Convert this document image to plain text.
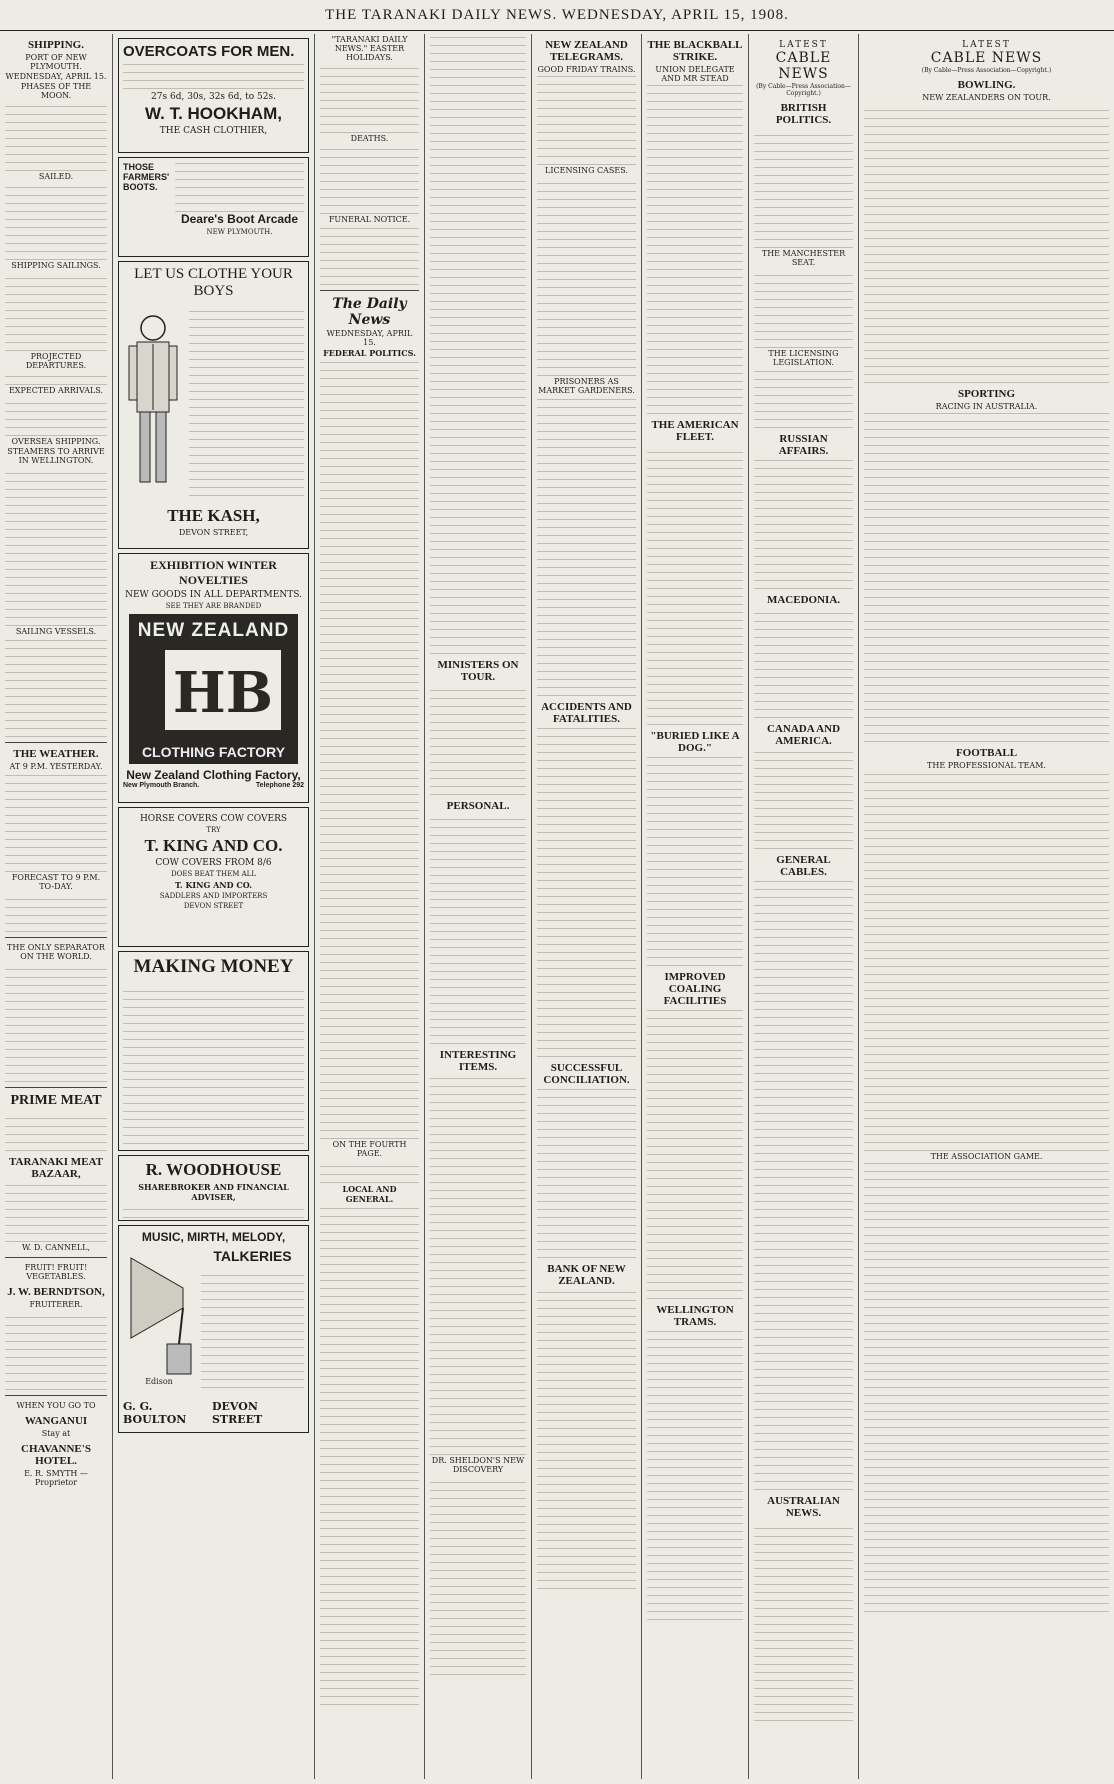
THE TARANAKI DAILY NEWS. WEDNESDAY, APRIL 15, 1908.
SHIPPING.
PORT OF NEW PLYMOUTH.
WEDNESDAY, APRIL 15.
PHASES OF THE MOON.
SAILED.
SHIPPING SAILINGS.
PROJECTED DEPARTURES.
EXPECTED ARRIVALS.
OVERSEA SHIPPING.
STEAMERS TO ARRIVE IN WELLINGTON.
SAILING VESSELS.
THE WEATHER.
AT 9 P.M. YESTERDAY.
FORECAST TO 9 P.M. TO-DAY.
THE ONLY SEPARATOR ON THE WORLD.
PRIME MEAT
TARANAKI MEAT BAZAAR,
W. D. CANNELL,
FRUIT! FRUIT! VEGETABLES.
J. W. BERNDTSON,
FRUITERER.
WHEN YOU GO TO
WANGANUI
Stay at
CHAVANNE'S HOTEL.
E. R. SMYTH — Proprietor
OVERCOATS FOR MEN.
27s 6d, 30s, 32s 6d, to 52s.
W. T. HOOKHAM,
THE CASH CLOTHIER,
THOSE FARMERS' BOOTS.
Deare's Boot Arcade
NEW PLYMOUTH.
LET US CLOTHE YOUR BOYS
THE KASH,
DEVON STREET,
EXHIBITION WINTER NOVELTIES
NEW GOODS IN ALL DEPARTMENTS.
SEE THEY ARE BRANDED
NEW ZEALAND
HB
CLOTHING FACTORY
New Zealand Clothing Factory,
New Plymouth Branch.	Telephone 292
HORSE COVERS COW COVERS
TRY
T. KING AND CO.
COW COVERS FROM 8/6
DOES BEAT THEM ALL
T. KING AND CO.
SADDLERS AND IMPORTERS
DEVON STREET
MAKING MONEY
R. WOODHOUSE
SHAREBROKER AND FINANCIAL ADVISER,
MUSIC, MIRTH, MELODY,
Edison
TALKERIES
G. G. BOULTON
DEVON STREET
"TARANAKI DAILY NEWS." EASTER HOLIDAYS.
DEATHS.
FUNERAL NOTICE.
The Daily News
WEDNESDAY, APRIL 15.
FEDERAL POLITICS.
ON THE FOURTH PAGE.
LOCAL AND GENERAL.
MINISTERS ON TOUR.
PERSONAL.
INTERESTING ITEMS.
DR. SHELDON'S NEW DISCOVERY
NEW ZEALAND TELEGRAMS.
GOOD FRIDAY TRAINS.
LICENSING CASES.
PRISONERS AS MARKET GARDENERS.
ACCIDENTS AND FATALITIES.
SUCCESSFUL CONCILIATION.
BANK OF NEW ZEALAND.
THE BLACKBALL STRIKE.
UNION DELEGATE AND MR STEAD
THE AMERICAN FLEET.
"BURIED LIKE A DOG."
IMPROVED COALING FACILITIES
WELLINGTON TRAMS.
LATEST
CABLE NEWS
(By Cable—Press Association—Copyright.)
BRITISH POLITICS.
THE MANCHESTER SEAT.
THE LICENSING LEGISLATION.
RUSSIAN AFFAIRS.
MACEDONIA.
CANADA AND AMERICA.
GENERAL CABLES.
AUSTRALIAN NEWS.
LATEST
CABLE NEWS
(By Cable—Press Association—Copyright.)
BOWLING.
NEW ZEALANDERS ON TOUR.
SPORTING
RACING IN AUSTRALIA.
FOOTBALL
THE PROFESSIONAL TEAM.
THE ASSOCIATION GAME.
